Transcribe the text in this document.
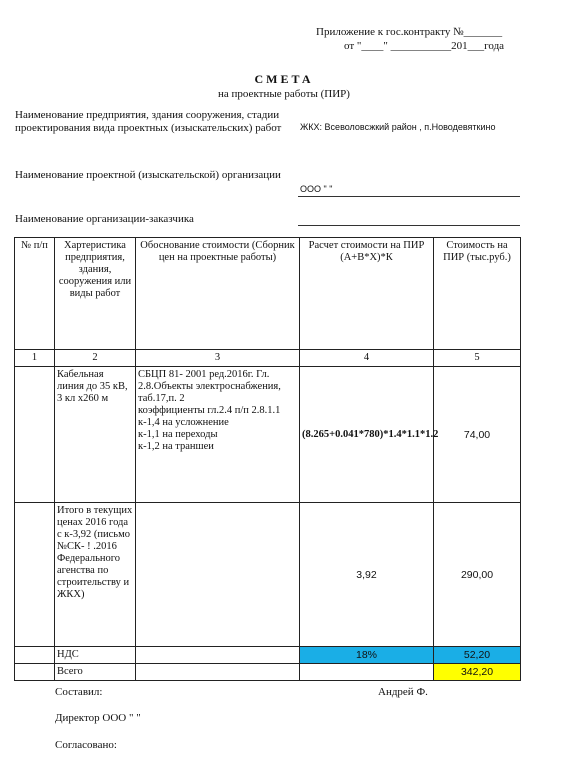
Приложение к гос.контракту №_______
от "____" ___________201___года
СМЕТА
на проектные работы (ПИР)
Наименование предприятия, здания сооружения, стадии проектирования вида проектных (изыскательских) работ	ЖКХ: Всеволовсжкий район , п.Новодевяткино
Наименование проектной (изыскательской) организации
ООО " "
Наименование организации-заказчика
№ п/п	Хартеристика предприятия, здания, сооружения или виды работ	Обоснование стоимости (Сборник цен на проектные работы)	Расчет стоимости на ПИР (А+В*Х)*К	Стоимость на ПИР (тыс.руб.)
1	2	3	4	5
	Кабельная линия до 35 кВ, 3 кл х260 м	СБЦП 81- 2001 ред.2016г. Гл. 2.8.Объекты электроснабжения, таб.17,п. 2
коэффициенты гл.2.4 п/п 2.8.1.1
к-1,4 на усложнение
к-1,1 на переходы
к-1,2 на траншеи	(8.265+0.041*780)*1.4*1.1*1.2	74,00
	Итого в текущих ценах 2016 года с к-3,92 (письмо №СК- ! .2016 Федерального агенства по строительству и ЖКХ)		3,92	290,00
	НДС		18%	52,20
	Всего			342,20
Составил:	Андрей Ф.
Директор ООО " "
Согласовано:
